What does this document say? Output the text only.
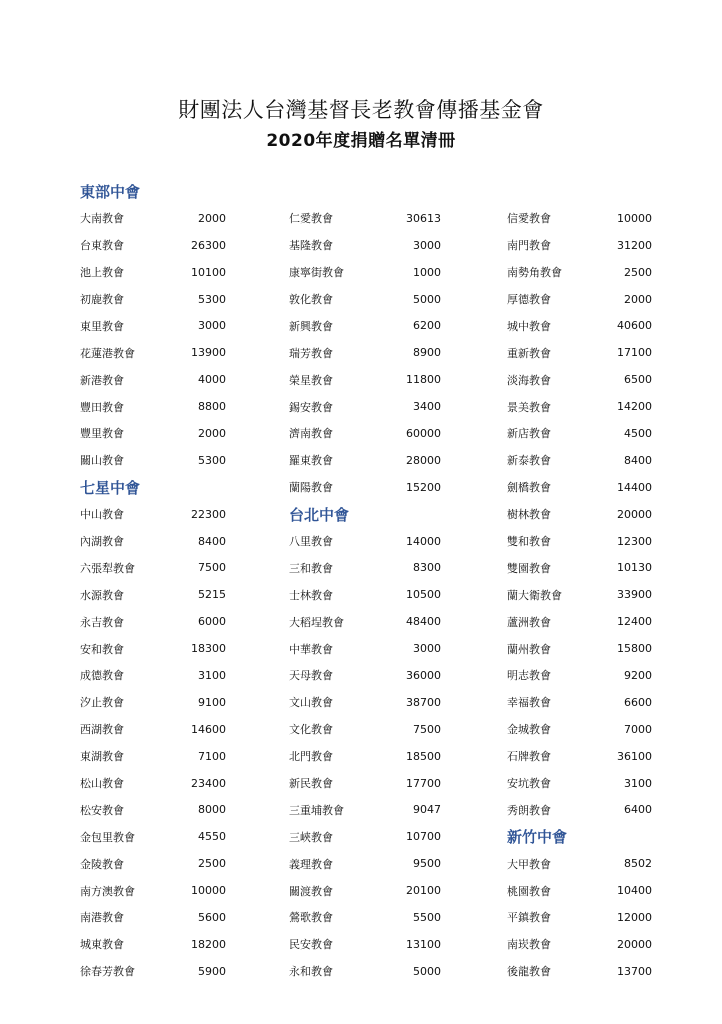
財團法人台灣基督長老教會傳播基金會
2020年度捐贈名單清冊
東部中會
大南教會	2000
台東教會	26300
池上教會	10100
初鹿教會	5300
東里教會	3000
花蓮港教會	13900
新港教會	4000
豐田教會	8800
豐里教會	2000
關山教會	5300
七星中會
中山教會	22300
內湖教會	8400
六張犁教會	7500
水源教會	5215
永吉教會	6000
安和教會	18300
成德教會	3100
汐止教會	9100
西湖教會	14600
東湖教會	7100
松山教會	23400
松安教會	8000
金包里教會	4550
金陵教會	2500
南方澳教會	10000
南港教會	5600
城東教會	18200
徐春芳教會	5900
仁愛教會	30613
基隆教會	3000
康寧街教會	1000
敦化教會	5000
新興教會	6200
瑞芳教會	8900
榮星教會	11800
錫安教會	3400
濟南教會	60000
羅東教會	28000
蘭陽教會	15200
台北中會
八里教會	14000
三和教會	8300
士林教會	10500
大稻埕教會	48400
中華教會	3000
天母教會	36000
文山教會	38700
文化教會	7500
北門教會	18500
新民教會	17700
三重埔教會	9047
三峽教會	10700
義理教會	9500
關渡教會	20100
鶯歌教會	5500
民安教會	13100
永和教會	5000
信愛教會	10000
南門教會	31200
南勢角教會	2500
厚德教會	2000
城中教會	40600
重新教會	17100
淡海教會	6500
景美教會	14200
新店教會	4500
新泰教會	8400
劍橋教會	14400
樹林教會	20000
雙和教會	12300
雙園教會	10130
蘭大衛教會	33900
蘆洲教會	12400
蘭州教會	15800
明志教會	9200
幸福教會	6600
金城教會	7000
石牌教會	36100
安坑教會	3100
秀朗教會	6400
新竹中會
大甲教會	8502
桃園教會	10400
平鎮教會	12000
南崁教會	20000
後龍教會	13700
